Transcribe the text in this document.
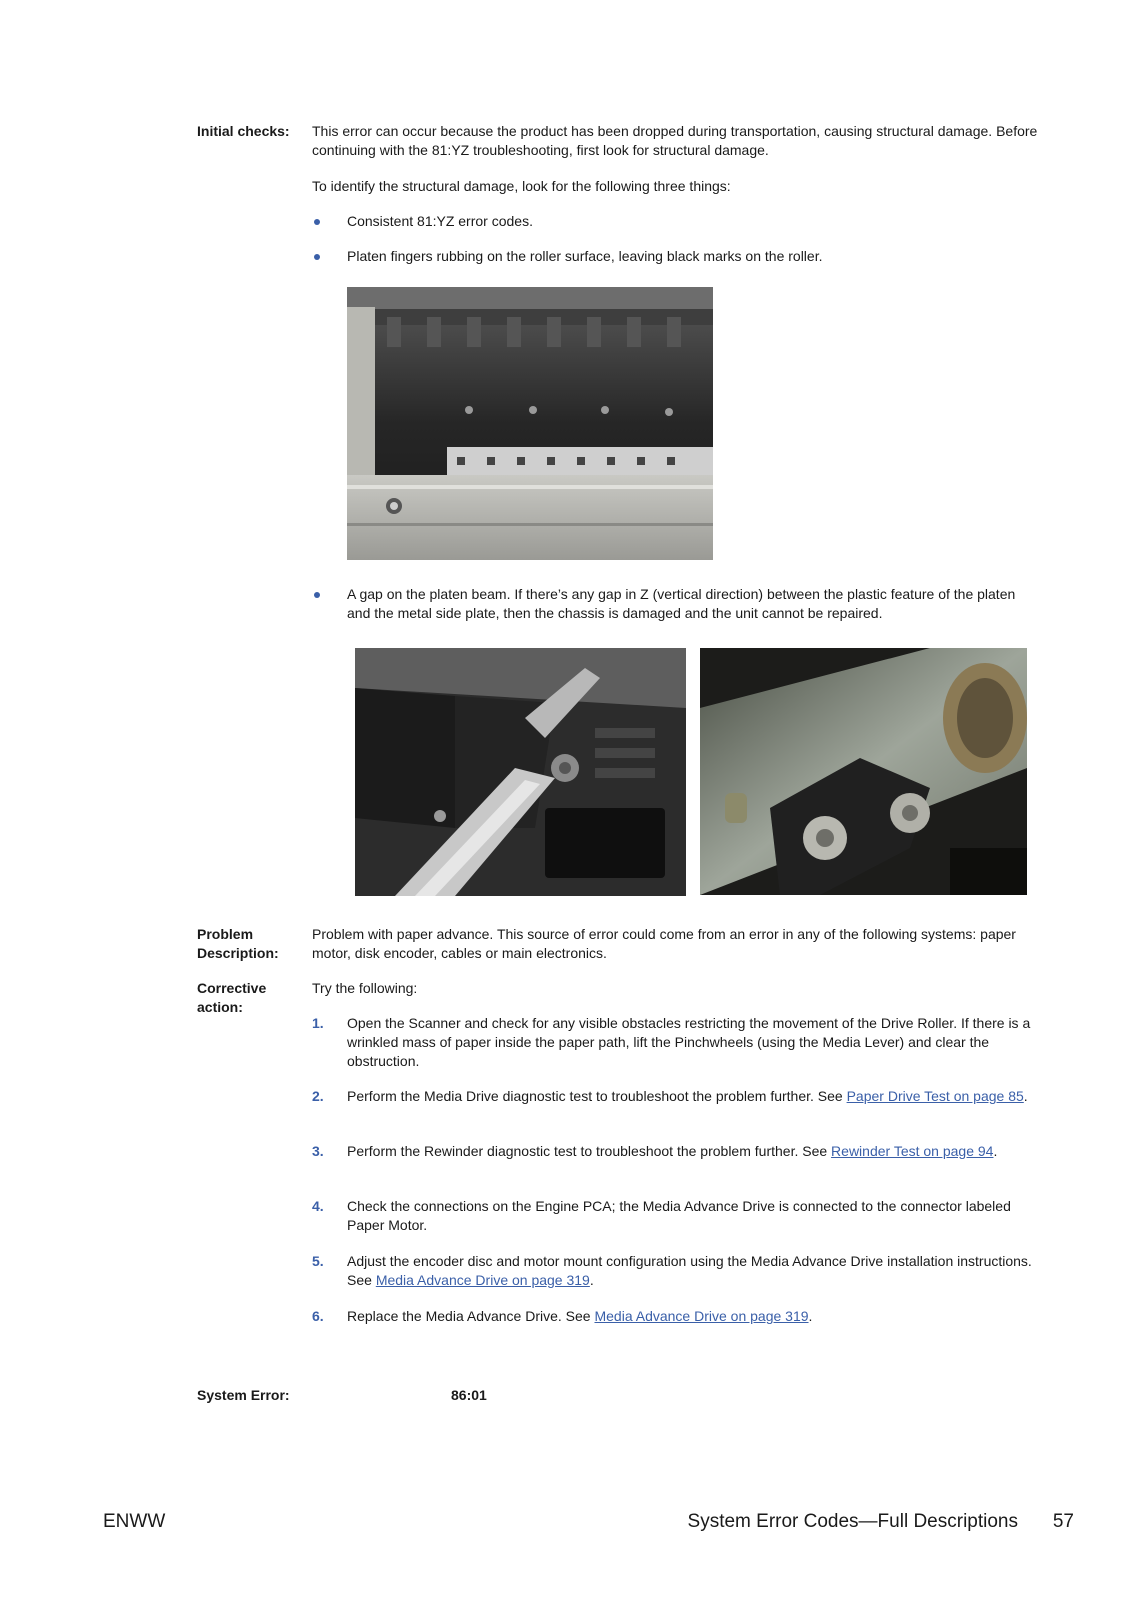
Initial checks: This error can occur because the product has been dropped during transportation, causing structural damage. Before continuing with the 81:YZ troubleshooting, first look for structural damage.
To identify the structural damage, look for the following three things:
Consistent 81:YZ error codes.
Platen fingers rubbing on the roller surface, leaving black marks on the roller.
A gap on the platen beam. If there’s any gap in Z (vertical direction) between the plastic feature of the platen and the metal side plate, then the chassis is damaged and the unit cannot be repaired.
Problem
Description:
Problem with paper advance. This source of error could come from an error in any of the following systems: paper motor, disk encoder, cables or main electronics.
Corrective
action:
Try the following:
1. Open the Scanner and check for any visible obstacles restricting the movement of the Drive Roller. If there is a wrinkled mass of paper inside the paper path, lift the Pinchwheels (using the Media Lever) and clear the obstruction.
2. Perform the Media Drive diagnostic test to troubleshoot the problem further. See Paper Drive Test on page 85.
3. Perform the Rewinder diagnostic test to troubleshoot the problem further. See Rewinder Test on page 94.
4. Check the connections on the Engine PCA; the Media Advance Drive is connected to the connector labeled Paper Motor.
5. Adjust the encoder disc and motor mount configuration using the Media Advance Drive installation instructions. See Media Advance Drive on page 319.
6. Replace the Media Advance Drive. See Media Advance Drive on page 319.
System Error:	86:01
ENWW	System Error Codes—Full Descriptions 57
